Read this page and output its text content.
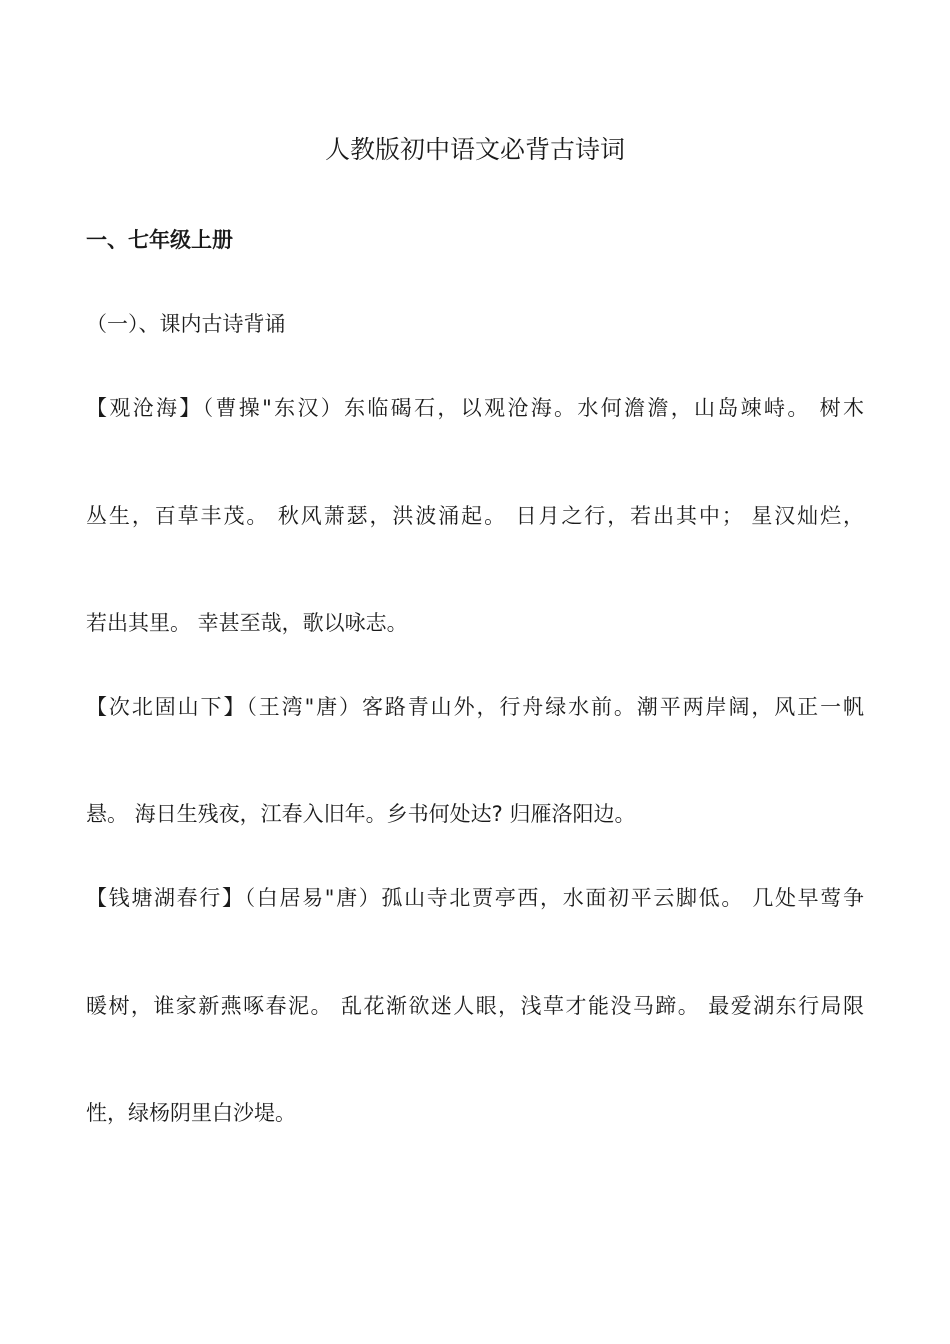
人教版初中语文必背古诗词
一、七年级上册

（一）、课内古诗背诵

【观沧海】（曹操"东汉）东临碣石，以观沧海。水何澹澹，山岛竦峙。 树木

丛生，百草丰茂。 秋风萧瑟，洪波涌起。 日月之行，若出其中； 星汉灿烂，

若出其里。 幸甚至哉，歌以咏志。

【次北固山下】（王湾"唐）客路青山外，行舟绿水前。潮平两岸阔，风正一帆

悬。 海日生残夜，江春入旧年。乡书何处达? 归雁洛阳边。

【钱塘湖春行】（白居易"唐）孤山寺北贾亭西，水面初平云脚低。 几处早莺争

暖树，谁家新燕啄春泥。 乱花渐欲迷人眼，浅草才能没马蹄。 最爱湖东行局限

性，绿杨阴里白沙堤。
